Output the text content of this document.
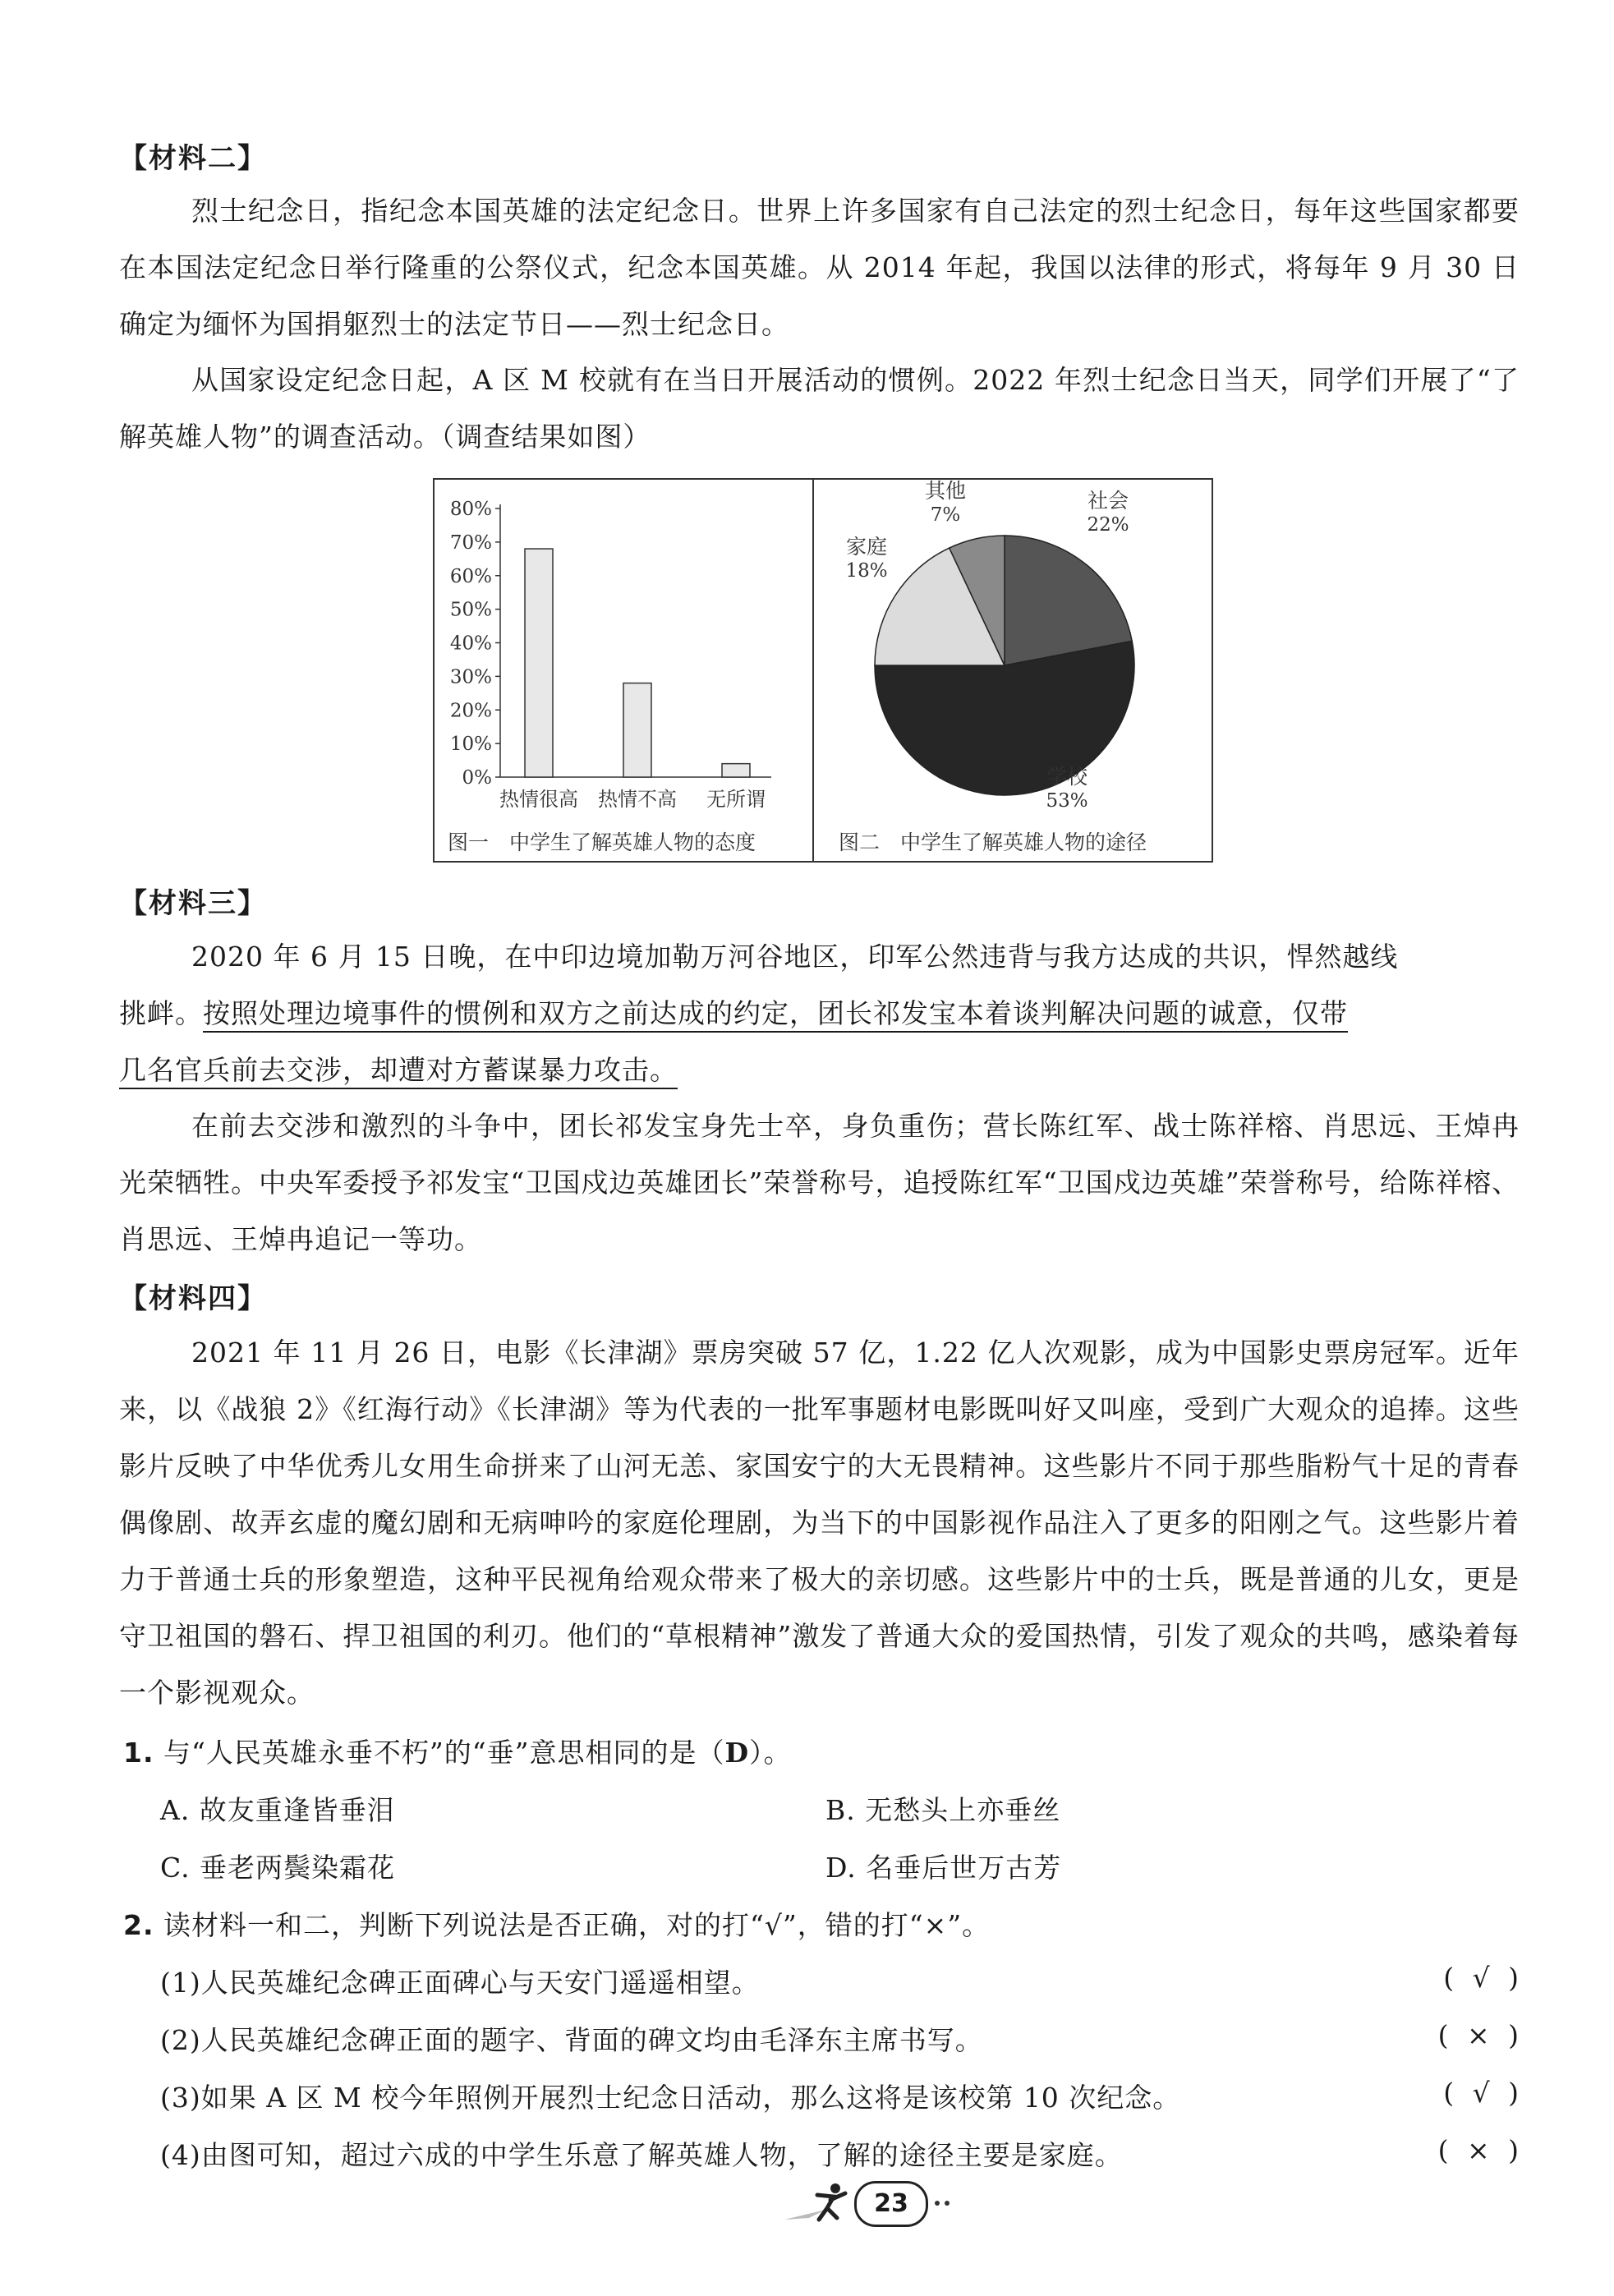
【材料二】
烈士纪念日，指纪念本国英雄的法定纪念日。世界上许多国家有自己法定的烈士纪念日，每年这些国家都要在本国法定纪念日举行隆重的公祭仪式，纪念本国英雄。从 2014 年起，我国以法律的形式，将每年 9 月 30 日确定为缅怀为国捐躯烈士的法定节日——烈士纪念日。
从国家设定纪念日起，A 区 M 校就有在当日开展活动的惯例。2022 年烈士纪念日当天，同学们开展了“了解英雄人物”的调查活动。（调查结果如图）
0%
10%
20%
30%
40%
50%
60%
70%
80%
热情很高 热情不高 无所谓
图一　中学生了解英雄人物的态度
社会
22%
学校
53%
家庭
18%
其他
7%
图二　中学生了解英雄人物的途径
【材料三】
2020 年 6 月 15 日晚，在中印边境加勒万河谷地区，印军公然违背与我方达成的共识，悍然越线
挑衅。按照处理边境事件的惯例和双方之前达成的约定，团长祁发宝本着谈判解决问题的诚意，仅带
几名官兵前去交涉，却遭对方蓄谋暴力攻击。
在前去交涉和激烈的斗争中，团长祁发宝身先士卒，身负重伤；营长陈红军、战士陈祥榕、肖思远、王焯冉光荣牺牲。中央军委授予祁发宝“卫国戍边英雄团长”荣誉称号，追授陈红军“卫国戍边英雄”荣誉称号，给陈祥榕、肖思远、王焯冉追记一等功。
【材料四】
2021 年 11 月 26 日，电影《长津湖》票房突破 57 亿，1.22 亿人次观影，成为中国影史票房冠军。近年来，以《战狼 2》《红海行动》《长津湖》等为代表的一批军事题材电影既叫好又叫座，受到广大观众的追捧。这些影片反映了中华优秀儿女用生命拼来了山河无恙、家国安宁的大无畏精神。这些影片不同于那些脂粉气十足的青春偶像剧、故弄玄虚的魔幻剧和无病呻吟的家庭伦理剧，为当下的中国影视作品注入了更多的阳刚之气。这些影片着力于普通士兵的形象塑造，这种平民视角给观众带来了极大的亲切感。这些影片中的士兵，既是普通的儿女，更是守卫祖国的磐石、捍卫祖国的利刃。他们的“草根精神”激发了普通大众的爱国热情，引发了观众的共鸣，感染着每一个影视观众。
1. 与“人民英雄永垂不朽”的“垂”意思相同的是（D）。
A. 故友重逢皆垂泪	B. 无愁头上亦垂丝
C. 垂老两鬓染霜花	D. 名垂后世万古芳
2. 读材料一和二，判断下列说法是否正确，对的打“√”，错的打“×”。
(1)人民英雄纪念碑正面碑心与天安门遥遥相望。	( √ )
(2)人民英雄纪念碑正面的题字、背面的碑文均由毛泽东主席书写。	( × )
(3)如果 A 区 M 校今年照例开展烈士纪念日活动，那么这将是该校第 10 次纪念。	( √ )
(4)由图可知，超过六成的中学生乐意了解英雄人物，了解的途径主要是家庭。	( × )
23
